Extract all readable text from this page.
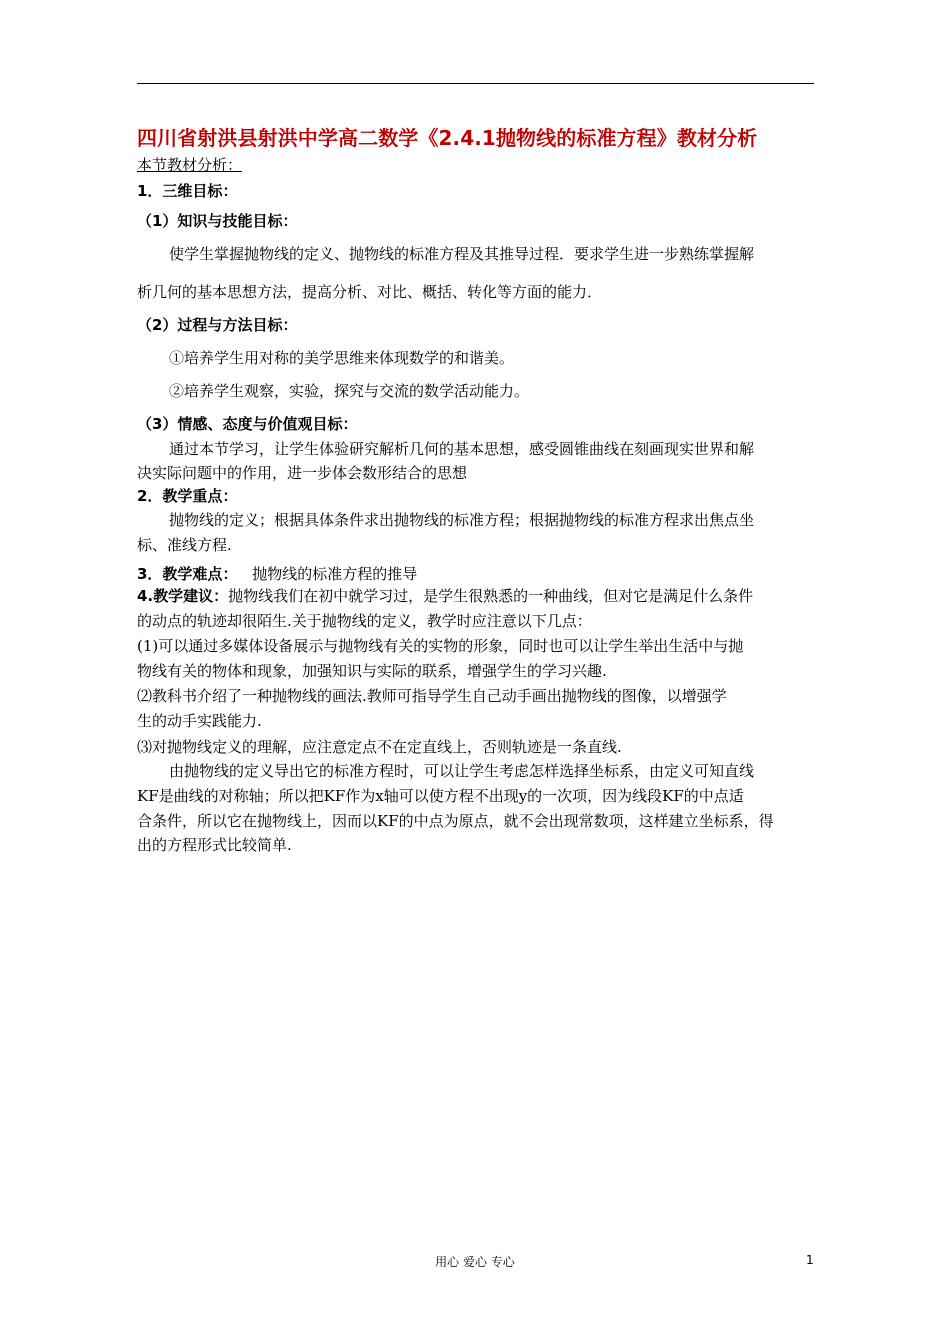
四川省射洪县射洪中学高二数学《2.4.1抛物线的标准方程》教材分析
本节教材分析：
1．三维目标：
（1）知识与技能目标：
使学生掌握抛物线的定义、抛物线的标准方程及其推导过程．要求学生进一步熟练掌握解
析几何的基本思想方法，提高分析、对比、概括、转化等方面的能力．
（2）过程与方法目标：
①培养学生用对称的美学思维来体现数学的和谐美。
②培养学生观察，实验，探究与交流的数学活动能力。
（3）情感、态度与价值观目标：
通过本节学习，让学生体验研究解析几何的基本思想，感受圆锥曲线在刻画现实世界和解
决实际问题中的作用，进一步体会数形结合的思想
2．教学重点：
抛物线的定义；根据具体条件求出抛物线的标准方程；根据抛物线的标准方程求出焦点坐
标、准线方程.
3．教学难点： 抛物线的标准方程的推导
4.教学建议：抛物线我们在初中就学习过，是学生很熟悉的一种曲线，但对它是满足什么条件
的动点的轨迹却很陌生.关于抛物线的定义，教学时应注意以下几点：
(1)可以通过多媒体设备展示与抛物线有关的实物的形象，同时也可以让学生举出生活中与抛
物线有关的物体和现象，加强知识与实际的联系，增强学生的学习兴趣.
⑵教科书介绍了一种抛物线的画法.教师可指导学生自己动手画出抛物线的图像，以增强学
生的动手实践能力.
⑶对抛物线定义的理解，应注意定点不在定直线上，否则轨迹是一条直线.
由抛物线的定义导出它的标准方程时，可以让学生考虑怎样选择坐标系，由定义可知直线
KF是曲线的对称轴；所以把KF作为x轴可以使方程不出现y的一次项，因为线段KF的中点适
合条件，所以它在抛物线上，因而以KF的中点为原点，就不会出现常数项，这样建立坐标系，得
出的方程形式比较简单.
用心 爱心 专心	1
